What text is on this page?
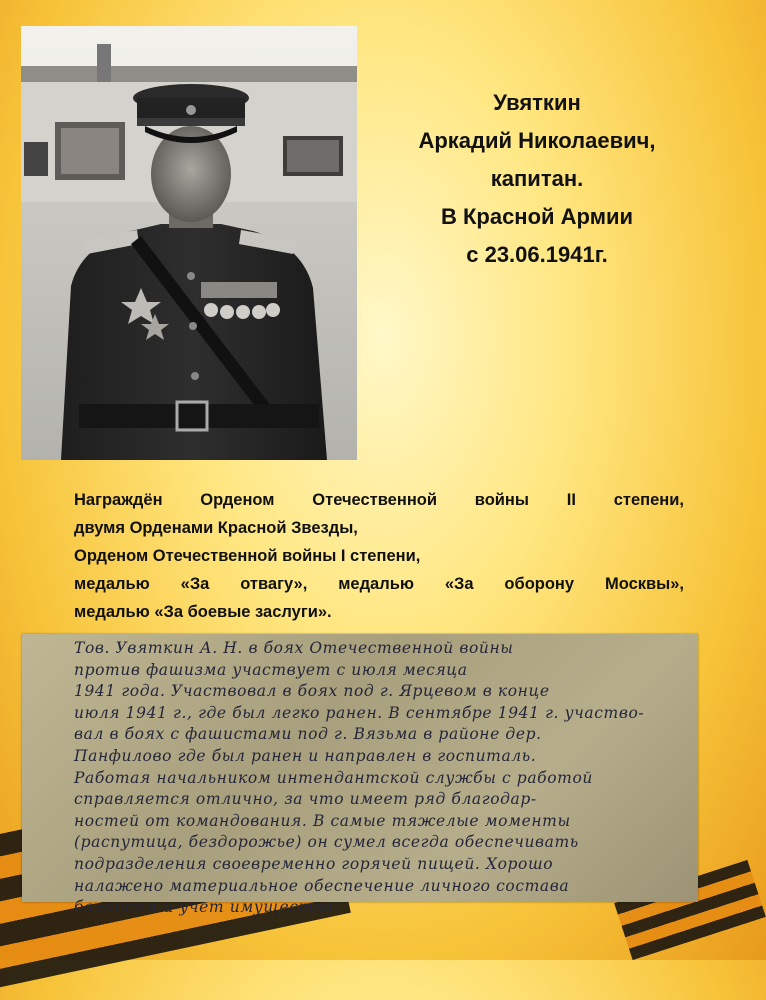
Увяткин
Аркадий Николаевич,
капитан.
В Красной Армии
с 23.06.1941г.
Награждён Орденом Отечественной войны II степени,
двумя Орденами Красной Звезды,
Орденом Отечественной войны I степени,
медалью «За отвагу», медалью «За оборону Москвы»,
медалью «За боевые заслуги».
Тов. Увяткин А. Н. в боях Отечественной войны
против фашизма участвует с июля месяца
1941 года. Участвовал в боях под г. Ярцевом в конце
июля 1941 г., где был легко ранен. В сентябре 1941 г. участво-
вал в боях с фашистами под г. Вязьма в районе дер.
Панфилово где был ранен и направлен в госпиталь.
Работая начальником интендантской службы с работой
справляется отлично, за что имеет ряд благодар-
ностей от командования. В самые тяжелые моменты
(распутица, бездорожье) он сумел всегда обеспечивать
подразделения своевременно горячей пищей. Хорошо
налажено материальное обеспечение личного состава
балансом и учет имущества.
